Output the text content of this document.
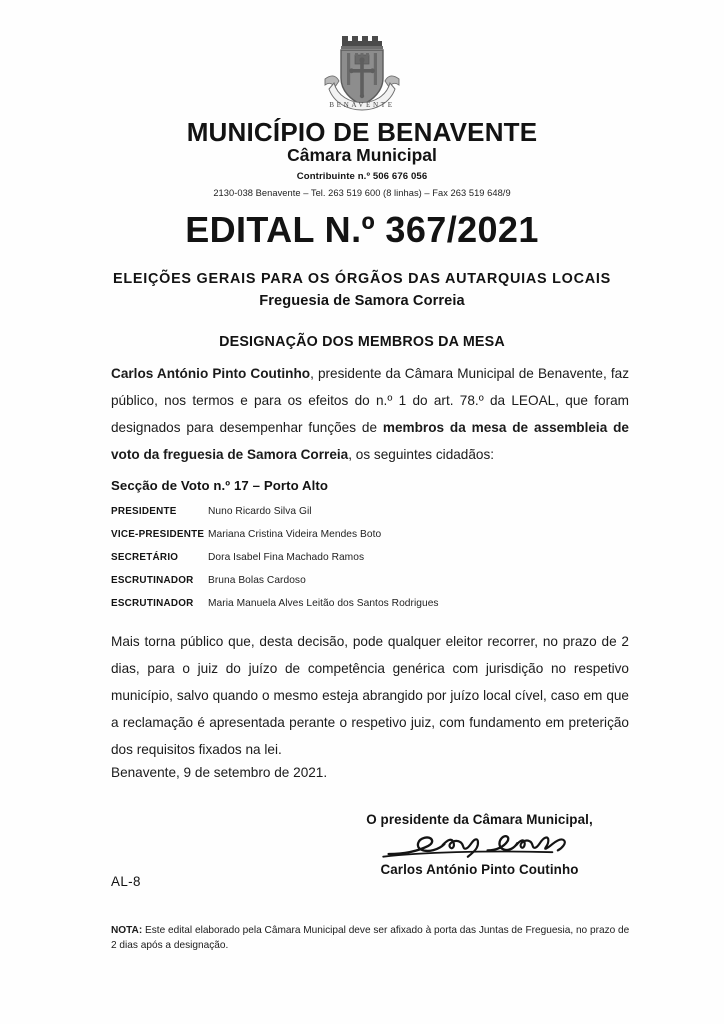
BENAVENTE
MUNICÍPIO DE BENAVENTE
Câmara Municipal
Contribuinte n.º 506 676 056
2130-038 Benavente – Tel. 263 519 600 (8 linhas) – Fax 263 519 648/9
EDITAL N.º 367/2021
ELEIÇÕES GERAIS PARA OS ÓRGÃOS DAS AUTARQUIAS LOCAIS
Freguesia de Samora Correia
DESIGNAÇÃO DOS MEMBROS DA MESA
Carlos António Pinto Coutinho, presidente da Câmara Municipal de Benavente, faz público, nos termos e para os efeitos do n.º 1 do art. 78.º da LEOAL, que foram designados para desempenhar funções de membros da mesa de assembleia de voto da freguesia de Samora Correia, os seguintes cidadãos:
Secção de Voto n.º 17 – Porto Alto
PRESIDENTE	Nuno Ricardo Silva Gil
VICE-PRESIDENTE Mariana Cristina Videira Mendes Boto
SECRETÁRIO	Dora Isabel Fina Machado Ramos
ESCRUTINADOR	Bruna Bolas Cardoso
ESCRUTINADOR	Maria Manuela Alves Leitão dos Santos Rodrigues
Mais torna público que, desta decisão, pode qualquer eleitor recorrer, no prazo de 2 dias, para o juiz do juízo de competência genérica com jurisdição no respetivo município, salvo quando o mesmo esteja abrangido por juízo local cível, caso em que a reclamação é apresentada perante o respetivo juiz, com fundamento em preterição dos requisitos fixados na lei.
Benavente, 9 de setembro de 2021.
O presidente da Câmara Municipal,
Carlos António Pinto Coutinho
AL-8
NOTA: Este edital elaborado pela Câmara Municipal deve ser afixado à porta das Juntas de Freguesia, no prazo de 2 dias após a designação.
